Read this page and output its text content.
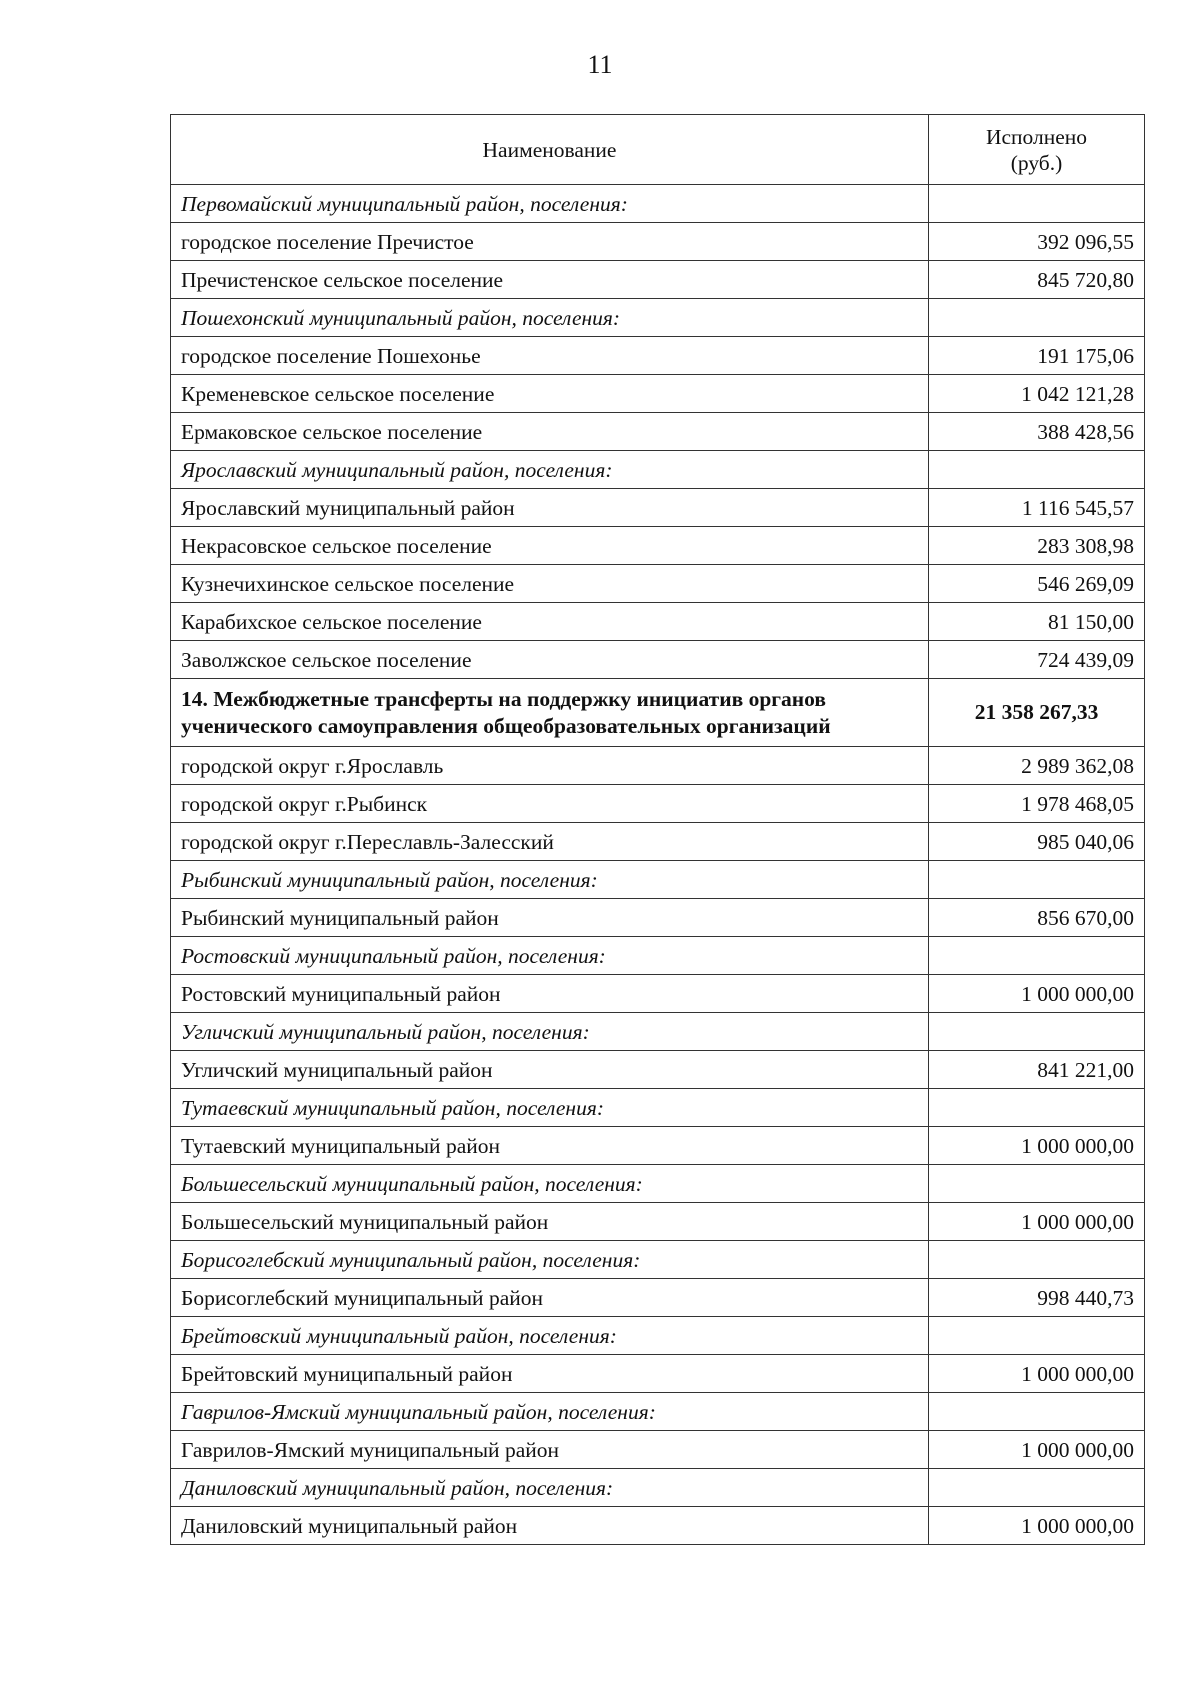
11
Наименование	Исполнено
(руб.)

Первомайский муниципальный район, поселения:	
городское поселение Пречистое	392 096,55
Пречистенское сельское поселение	845 720,80
Пошехонский муниципальный район, поселения:	
городское поселение Пошехонье	191 175,06
Кременевское сельское поселение	1 042 121,28
Ермаковское сельское поселение	388 428,56
Ярославский муниципальный район, поселения:	
Ярославский муниципальный район	1 116 545,57
Некрасовское сельское поселение	283 308,98
Кузнечихинское сельское поселение	546 269,09
Карабихское сельское поселение	81 150,00
Заволжское сельское поселение	724 439,09
14. Межбюджетные трансферты на поддержку инициатив органов ученического самоуправления общеобразовательных организаций	21 358 267,33
городской округ г.Ярославль	2 989 362,08
городской округ г.Рыбинск	1 978 468,05
городской округ г.Переславль-Залесский	985 040,06
Рыбинский муниципальный район, поселения:	
Рыбинский муниципальный район	856 670,00
Ростовский муниципальный район, поселения:	
Ростовский муниципальный район	1 000 000,00
Угличский муниципальный район, поселения:	
Угличский муниципальный район	841 221,00
Тутаевский муниципальный район, поселения:	
Тутаевский муниципальный район	1 000 000,00
Большесельский муниципальный район, поселения:	
Большесельский муниципальный район	1 000 000,00
Борисоглебский муниципальный район, поселения:	
Борисоглебский муниципальный район	998 440,73
Брейтовский муниципальный район, поселения:	
Брейтовский муниципальный район	1 000 000,00
Гаврилов-Ямский муниципальный район, поселения:	
Гаврилов-Ямский муниципальный район	1 000 000,00
Даниловский муниципальный район, поселения:	
Даниловский муниципальный район	1 000 000,00
